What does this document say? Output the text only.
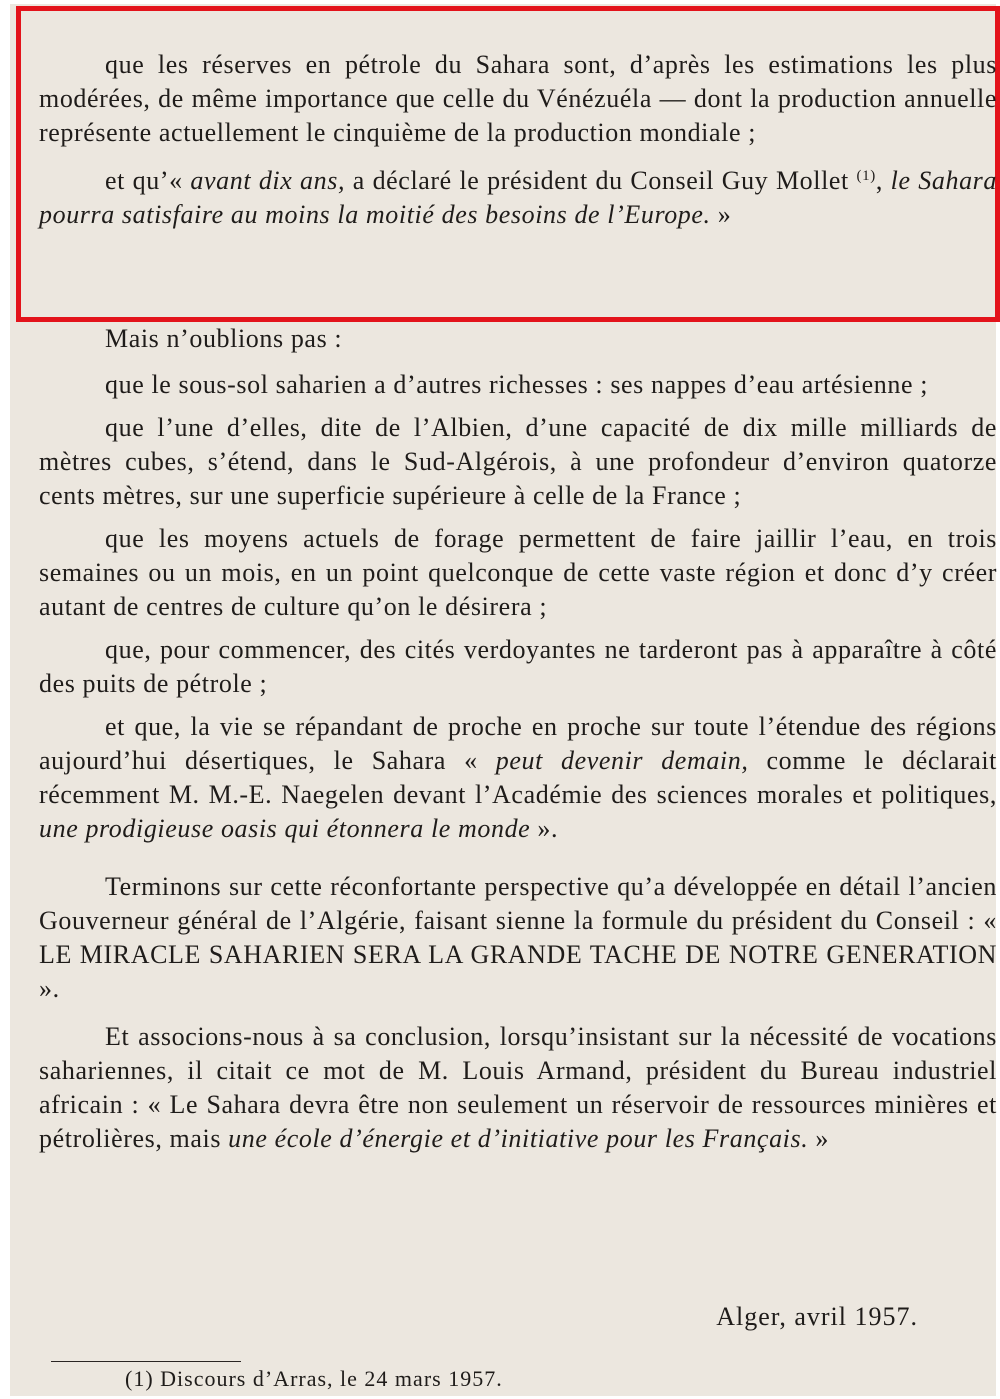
que les réserves en pétrole du Sahara sont, d’après les estimations les plus modérées, de même importance que celle du Vénézuéla — dont la production annuelle représente actuellement le cinquième de la production mondiale ;

et qu’« avant dix ans, a déclaré le président du Conseil Guy Mollet $^{(1)}$, le Sahara pourra satisfaire au moins la moitié des besoins de l’Europe. »

Mais n’oublions pas :

que le sous-sol saharien a d’autres richesses : ses nappes d’eau artésienne ;

que l’une d’elles, dite de l’Albien, d’une capacité de dix mille milliards de mètres cubes, s’étend, dans le Sud-Algérois, à une profondeur d’environ quatorze cents mètres, sur une superficie supérieure à celle de la France ;

que les moyens actuels de forage permettent de faire jaillir l’eau, en trois semaines ou un mois, en un point quelconque de cette vaste région et donc d’y créer autant de centres de culture qu’on le désirera ;

que, pour commencer, des cités verdoyantes ne tarderont pas à apparaître à côté des puits de pétrole ;

et que, la vie se répandant de proche en proche sur toute l’étendue des régions aujourd’hui désertiques, le Sahara « peut devenir demain, comme le déclarait récemment M. M.-E. Naegelen devant l’Académie des sciences morales et politiques, une prodigieuse oasis qui étonnera le monde ».

Terminons sur cette réconfortante perspective qu’a développée en détail l’ancien Gouverneur général de l’Algérie, faisant sienne la formule du président du Conseil : « LE MIRACLE SAHARIEN SERA LA GRANDE TACHE DE NOTRE GENERATION ».

Et associons-nous à sa conclusion, lorsqu’insistant sur la nécessité de vocations sahariennes, il citait ce mot de M. Louis Armand, président du Bureau industriel africain : « Le Sahara devra être non seulement un réservoir de ressources minières et pétrolières, mais une école d’énergie et d’initiative pour les Français. »

Alger, avril 1957.
(1) Discours d’Arras, le 24 mars 1957.
